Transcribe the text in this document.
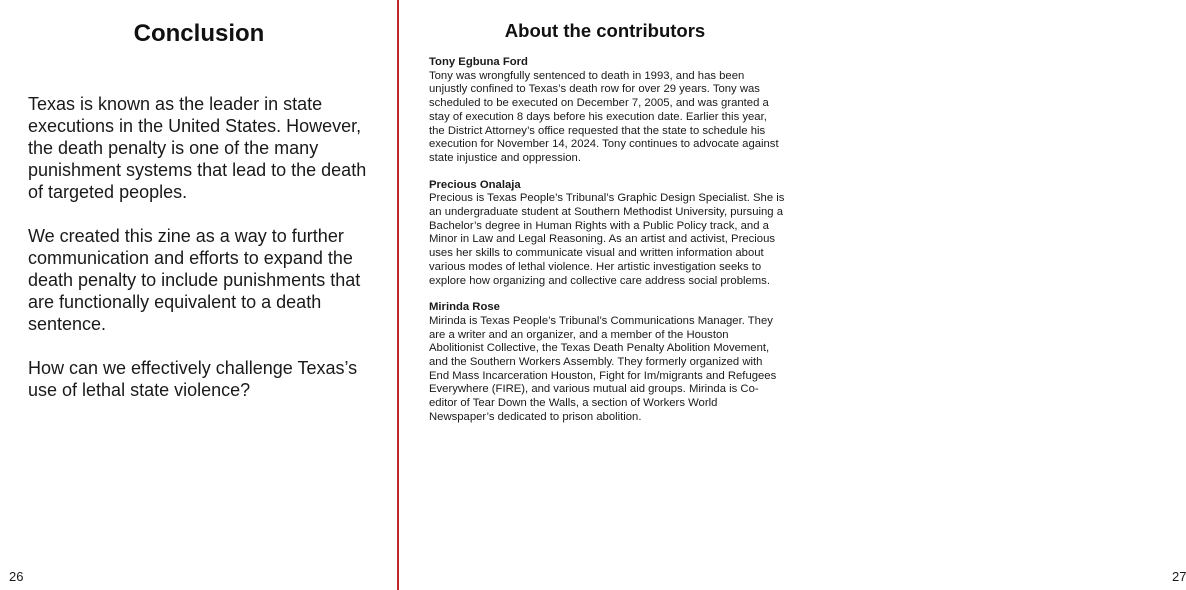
Conclusion

Texas is known as the leader in state executions in the United States. However, the death penalty is one of the many punishment systems that lead to the death of targeted peoples.

We created this zine as a way to further communication and efforts to expand the death penalty to include punishments that are functionally equivalent to a death sentence.

How can we effectively challenge Texas’s use of lethal state violence?

26
About the contributors
Tony Egbuna Ford
Tony was wrongfully sentenced to death in 1993, and has been unjustly confined to Texas’s death row for over 29 years. Tony was scheduled to be executed on December 7, 2005, and was granted a stay of execution 8 days before his execution date. Earlier this year, the District Attorney’s office requested that the state to schedule his execution for November 14, 2024. Tony continues to advocate against state injustice and oppression.
Precious Onalaja
Precious is Texas People’s Tribunal’s Graphic Design Specialist. She is an undergraduate student at Southern Methodist University, pursuing a Bachelor’s degree in Human Rights with a Public Policy track, and a Minor in Law and Legal Reasoning. As an artist and activist, Precious uses her skills to communicate visual and written information about various modes of lethal violence. Her artistic investigation seeks to explore how organizing and collective care address social problems.
Mirinda Rose
Mirinda is Texas People’s Tribunal’s Communications Manager. They are a writer and an organizer, and a member of the Houston Abolitionist Collective, the Texas Death Penalty Abolition Movement, and the Southern Workers Assembly. They formerly organized with End Mass Incarceration Houston, Fight for Im/migrants and Refugees Everywhere (FIRE), and various mutual aid groups. Mirinda is Co-editor of Tear Down the Walls, a section of Workers World Newspaper’s dedicated to prison abolition.
27
